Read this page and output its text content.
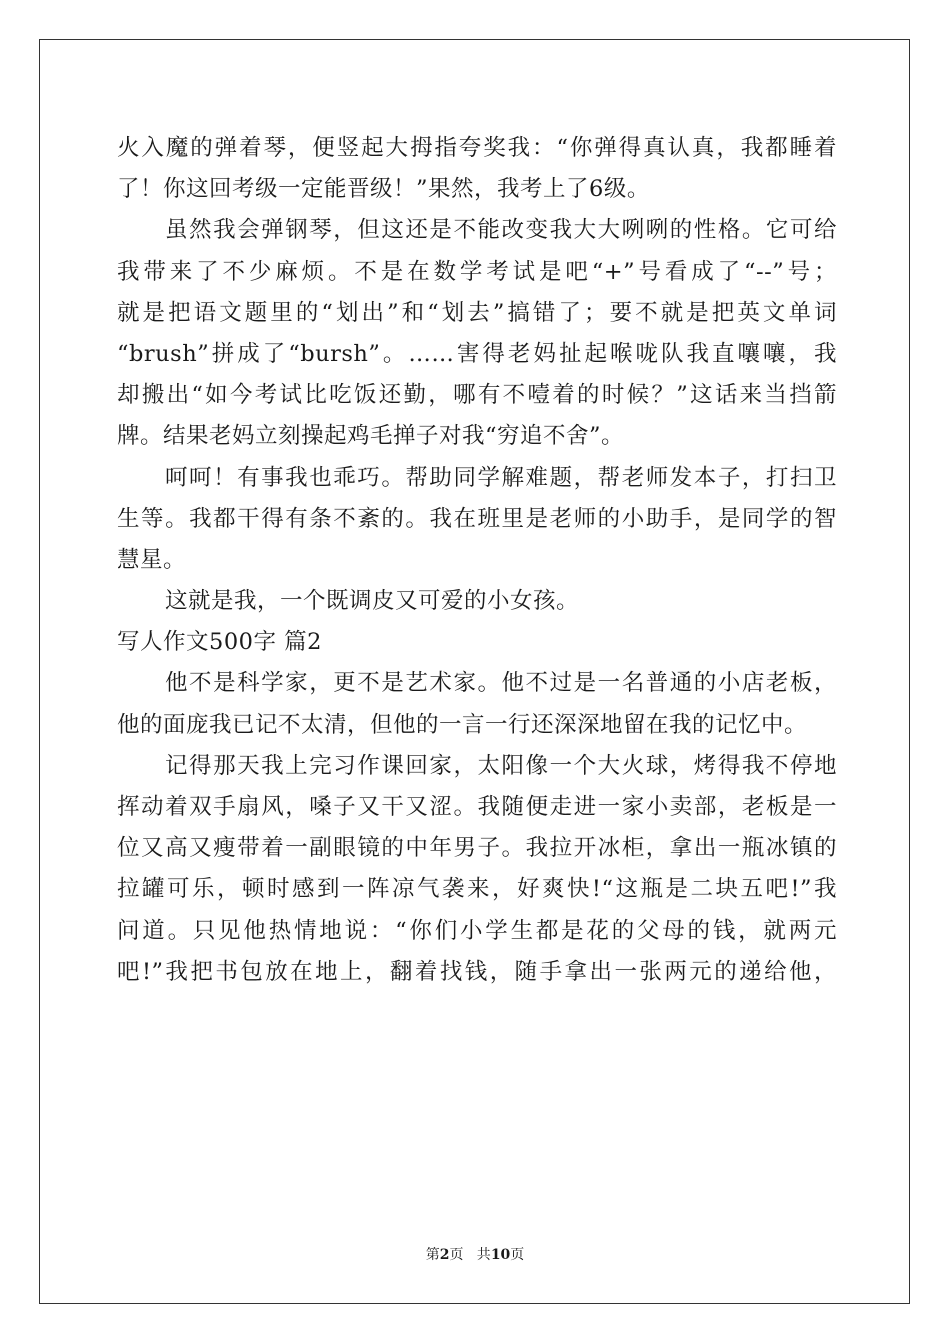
火入魔的弹着琴，便竖起大拇指夸奖我：“你弹得真认真，我都睡着
了！你这回考级一定能晋级！”果然，我考上了6级。
虽然我会弹钢琴，但这还是不能改变我大大咧咧的性格。它可给
我带来了不少麻烦。不是在数学考试是吧“+”号看成了“--”号；
就是把语文题里的“划出”和“划去”搞错了；要不就是把英文单词
“brush”拼成了“bursh”。……害得老妈扯起喉咙队我直嚷嚷，我
却搬出“如今考试比吃饭还勤，哪有不噎着的时候？”这话来当挡箭
牌。结果老妈立刻操起鸡毛掸子对我“穷追不舍”。
呵呵！有事我也乖巧。帮助同学解难题，帮老师发本子，打扫卫
生等。我都干得有条不紊的。我在班里是老师的小助手，是同学的智
慧星。
这就是我，一个既调皮又可爱的小女孩。
写人作文500字 篇2
他不是科学家，更不是艺术家。他不过是一名普通的小店老板，
他的面庞我已记不太清，但他的一言一行还深深地留在我的记忆中。
记得那天我上完习作课回家，太阳像一个大火球，烤得我不停地
挥动着双手扇风，嗓子又干又涩。我随便走进一家小卖部，老板是一
位又高又瘦带着一副眼镜的中年男子。我拉开冰柜，拿出一瓶冰镇的
拉罐可乐，顿时感到一阵凉气袭来，好爽快!“这瓶是二块五吧!”我
问道。只见他热情地说：“你们小学生都是花的父母的钱，就两元
吧!”我把书包放在地上，翻着找钱，随手拿出一张两元的递给他，
第2页   共10页
